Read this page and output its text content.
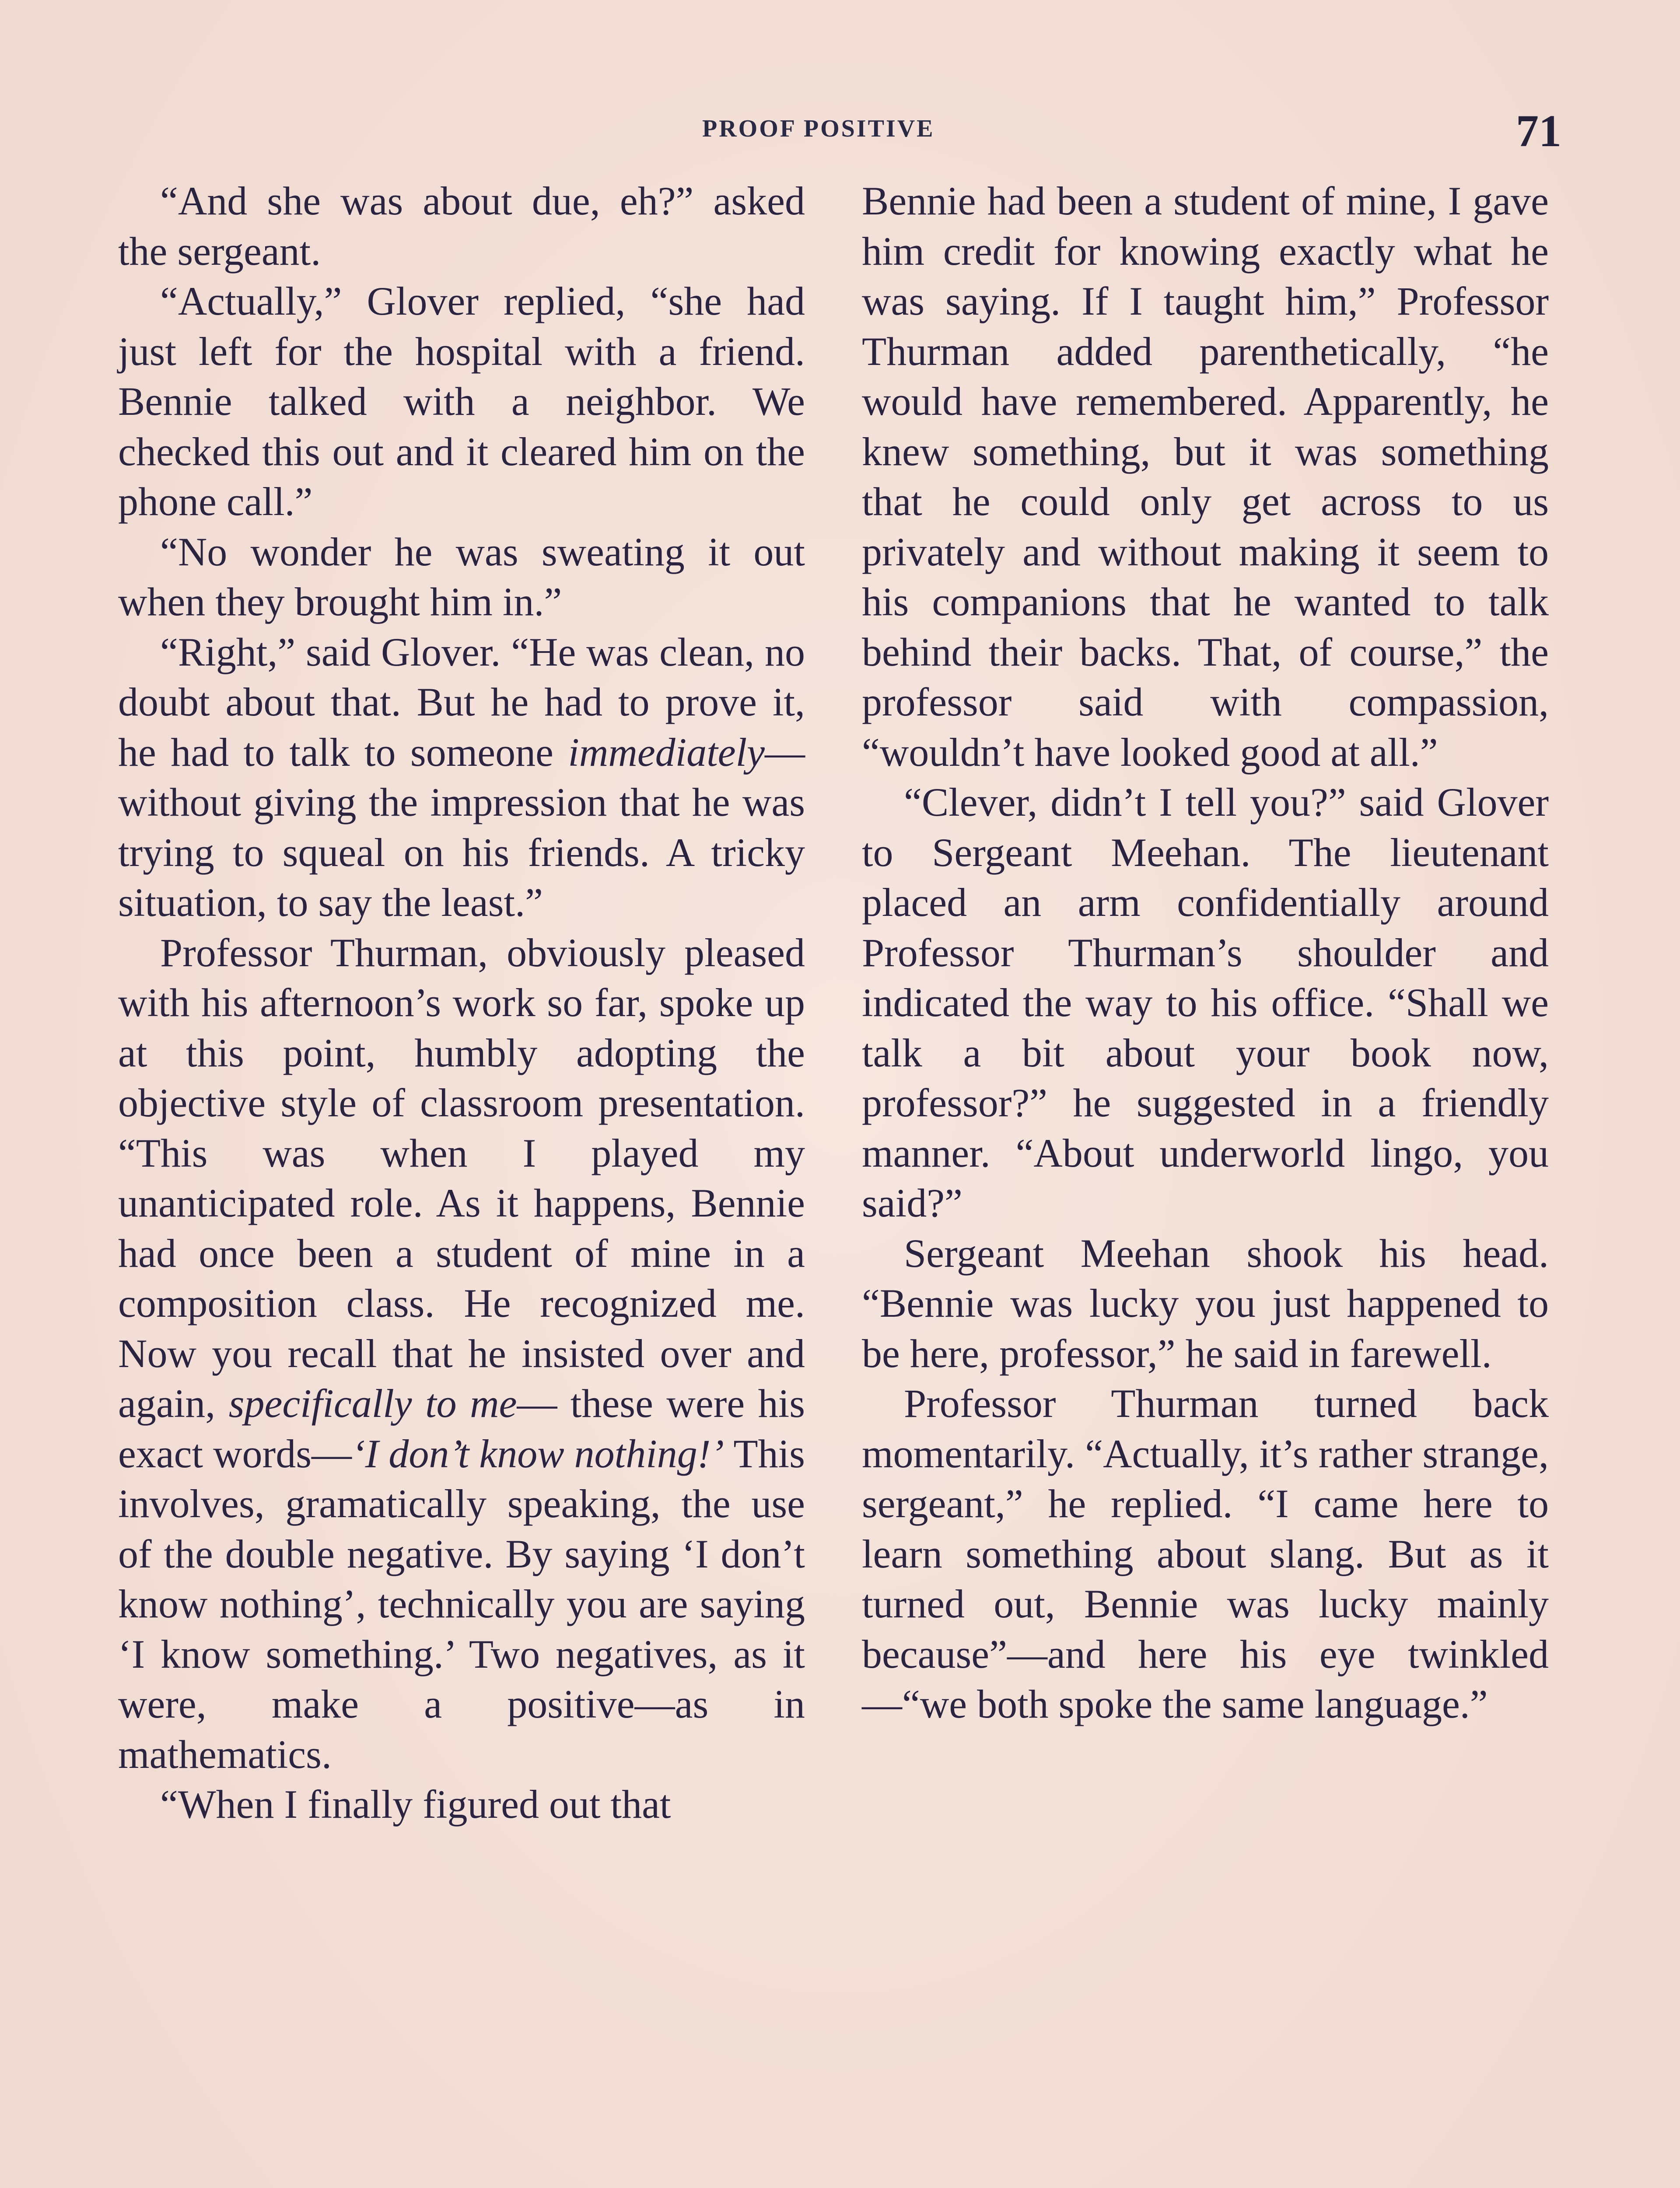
PROOF POSITIVE	71

“And she was about due, eh?” asked the sergeant.

“Actually,” Glover replied, “she had just left for the hospital with a friend. Bennie talked with a neighbor. We checked this out and it cleared him on the phone call.”

“No wonder he was sweating it out when they brought him in.”

“Right,” said Glover. “He was clean, no doubt about that. But he had to prove it, he had to talk to someone immediately—without giving the impression that he was trying to squeal on his friends. A tricky situation, to say the least.”

Professor Thurman, obviously pleased with his afternoon’s work so far, spoke up at this point, humbly adopting the objective style of classroom presentation. “This was when I played my unanticipated role. As it happens, Bennie had once been a student of mine in a composition class. He recognized me. Now you recall that he insisted over and again, specifically to me— these were his exact words—‘I don’t know nothing!’ This involves, gramatically speaking, the use of the double negative. By saying ‘I don’t know nothing’, technically you are saying ‘I know something.’ Two negatives, as it were, make a positive—as in mathematics.

“When I finally figured out that

Bennie had been a student of mine, I gave him credit for knowing exactly what he was saying. If I taught him,” Professor Thurman added parenthetically, “he would have remembered. Apparently, he knew something, but it was something that he could only get across to us privately and without making it seem to his companions that he wanted to talk behind their backs. That, of course,” the professor said with compassion, “wouldn’t have looked good at all.”

“Clever, didn’t I tell you?” said Glover to Sergeant Meehan. The lieutenant placed an arm confidentially around Professor Thurman’s shoulder and indicated the way to his office. “Shall we talk a bit about your book now, professor?” he suggested in a friendly manner. “About underworld lingo, you said?”

Sergeant Meehan shook his head. “Bennie was lucky you just happened to be here, professor,” he said in farewell.

Professor Thurman turned back momentarily. “Actually, it’s rather strange, sergeant,” he replied. “I came here to learn something about slang. But as it turned out, Bennie was lucky mainly because”—and here his eye twinkled—“we both spoke the same language.”
